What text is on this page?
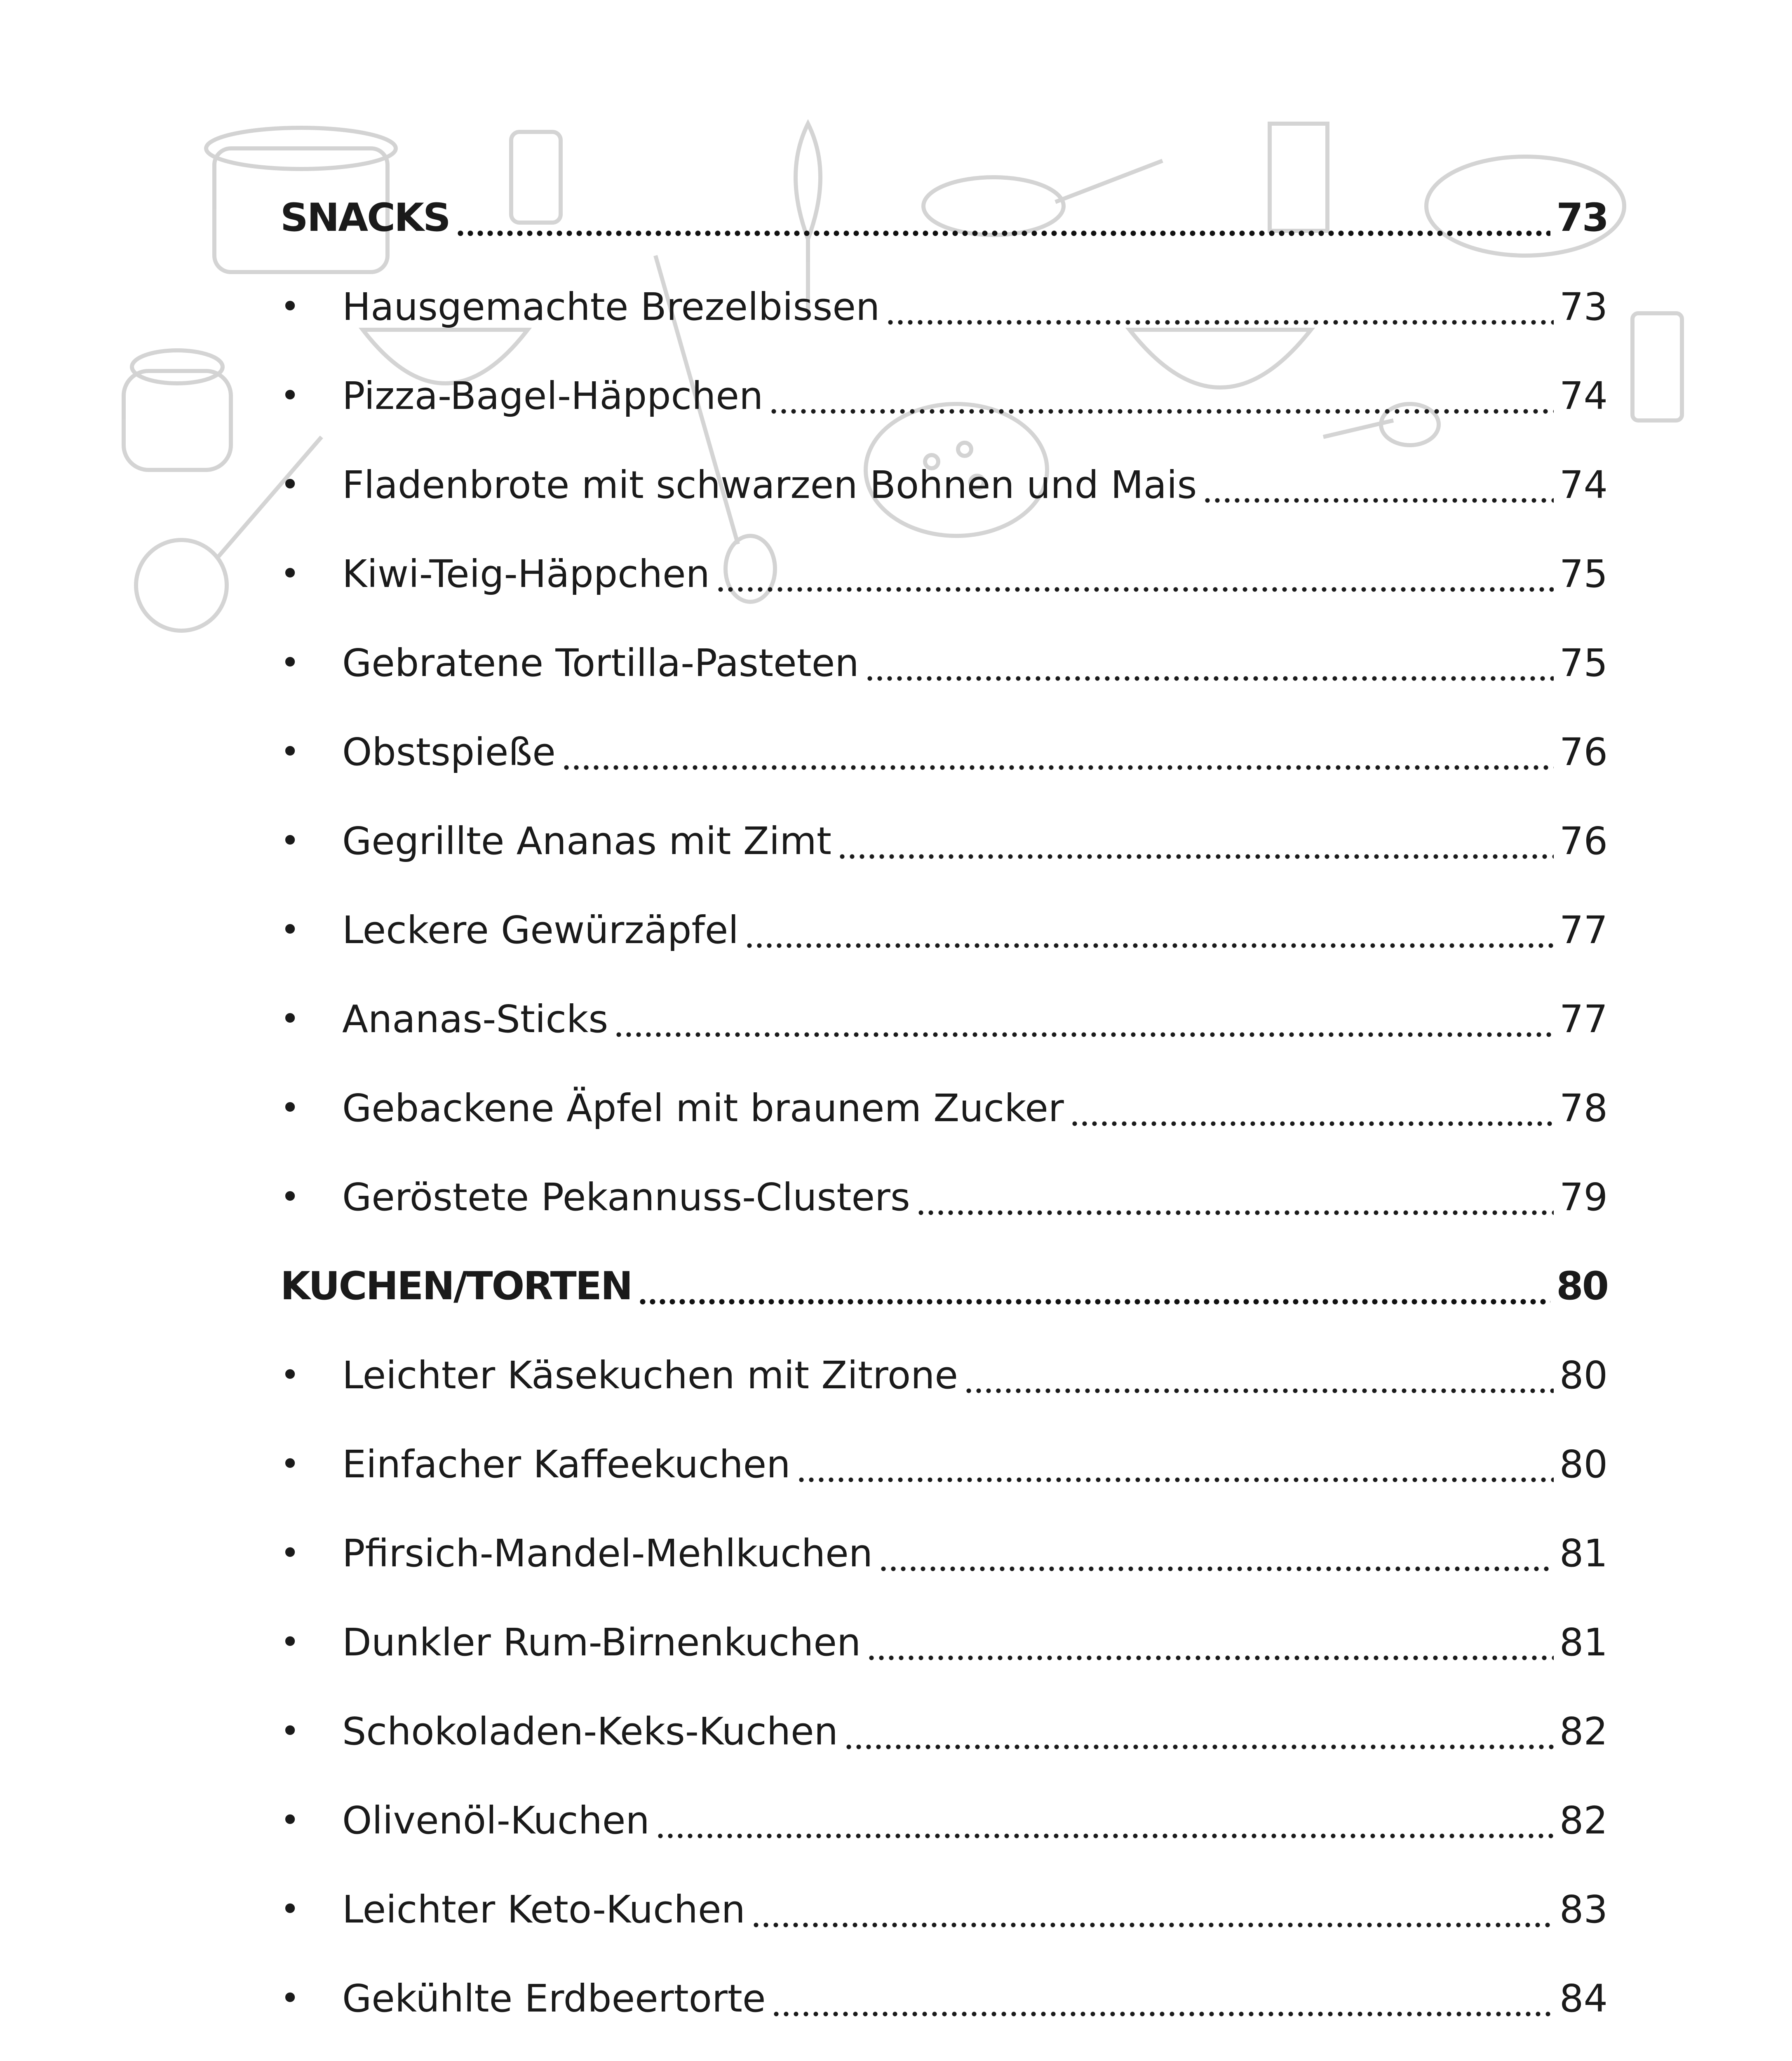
SNACKS	73
•	Hausgemachte Brezelbissen	73
•	Pizza-Bagel-Häppchen	74
•	Fladenbrote mit schwarzen Bohnen und Mais	74
•	Kiwi-Teig-Häppchen	75
•	Gebratene Tortilla-Pasteten	75
•	Obstspieße	76
•	Gegrillte Ananas mit Zimt	76
•	Leckere Gewürzäpfel	77
•	Ananas-Sticks	77
•	Gebackene Äpfel mit braunem Zucker	78
•	Geröstete Pekannuss-Clusters	79
KUCHEN/TORTEN	80
•	Leichter Käsekuchen mit Zitrone	80
•	Einfacher Kaffeekuchen	80
•	Pfirsich-Mandel-Mehlkuchen	81
•	Dunkler Rum-Birnenkuchen	81
•	Schokoladen-Keks-Kuchen	82
•	Olivenöl-Kuchen	82
•	Leichter Keto-Kuchen	83
•	Gekühlte Erdbeertorte	84
